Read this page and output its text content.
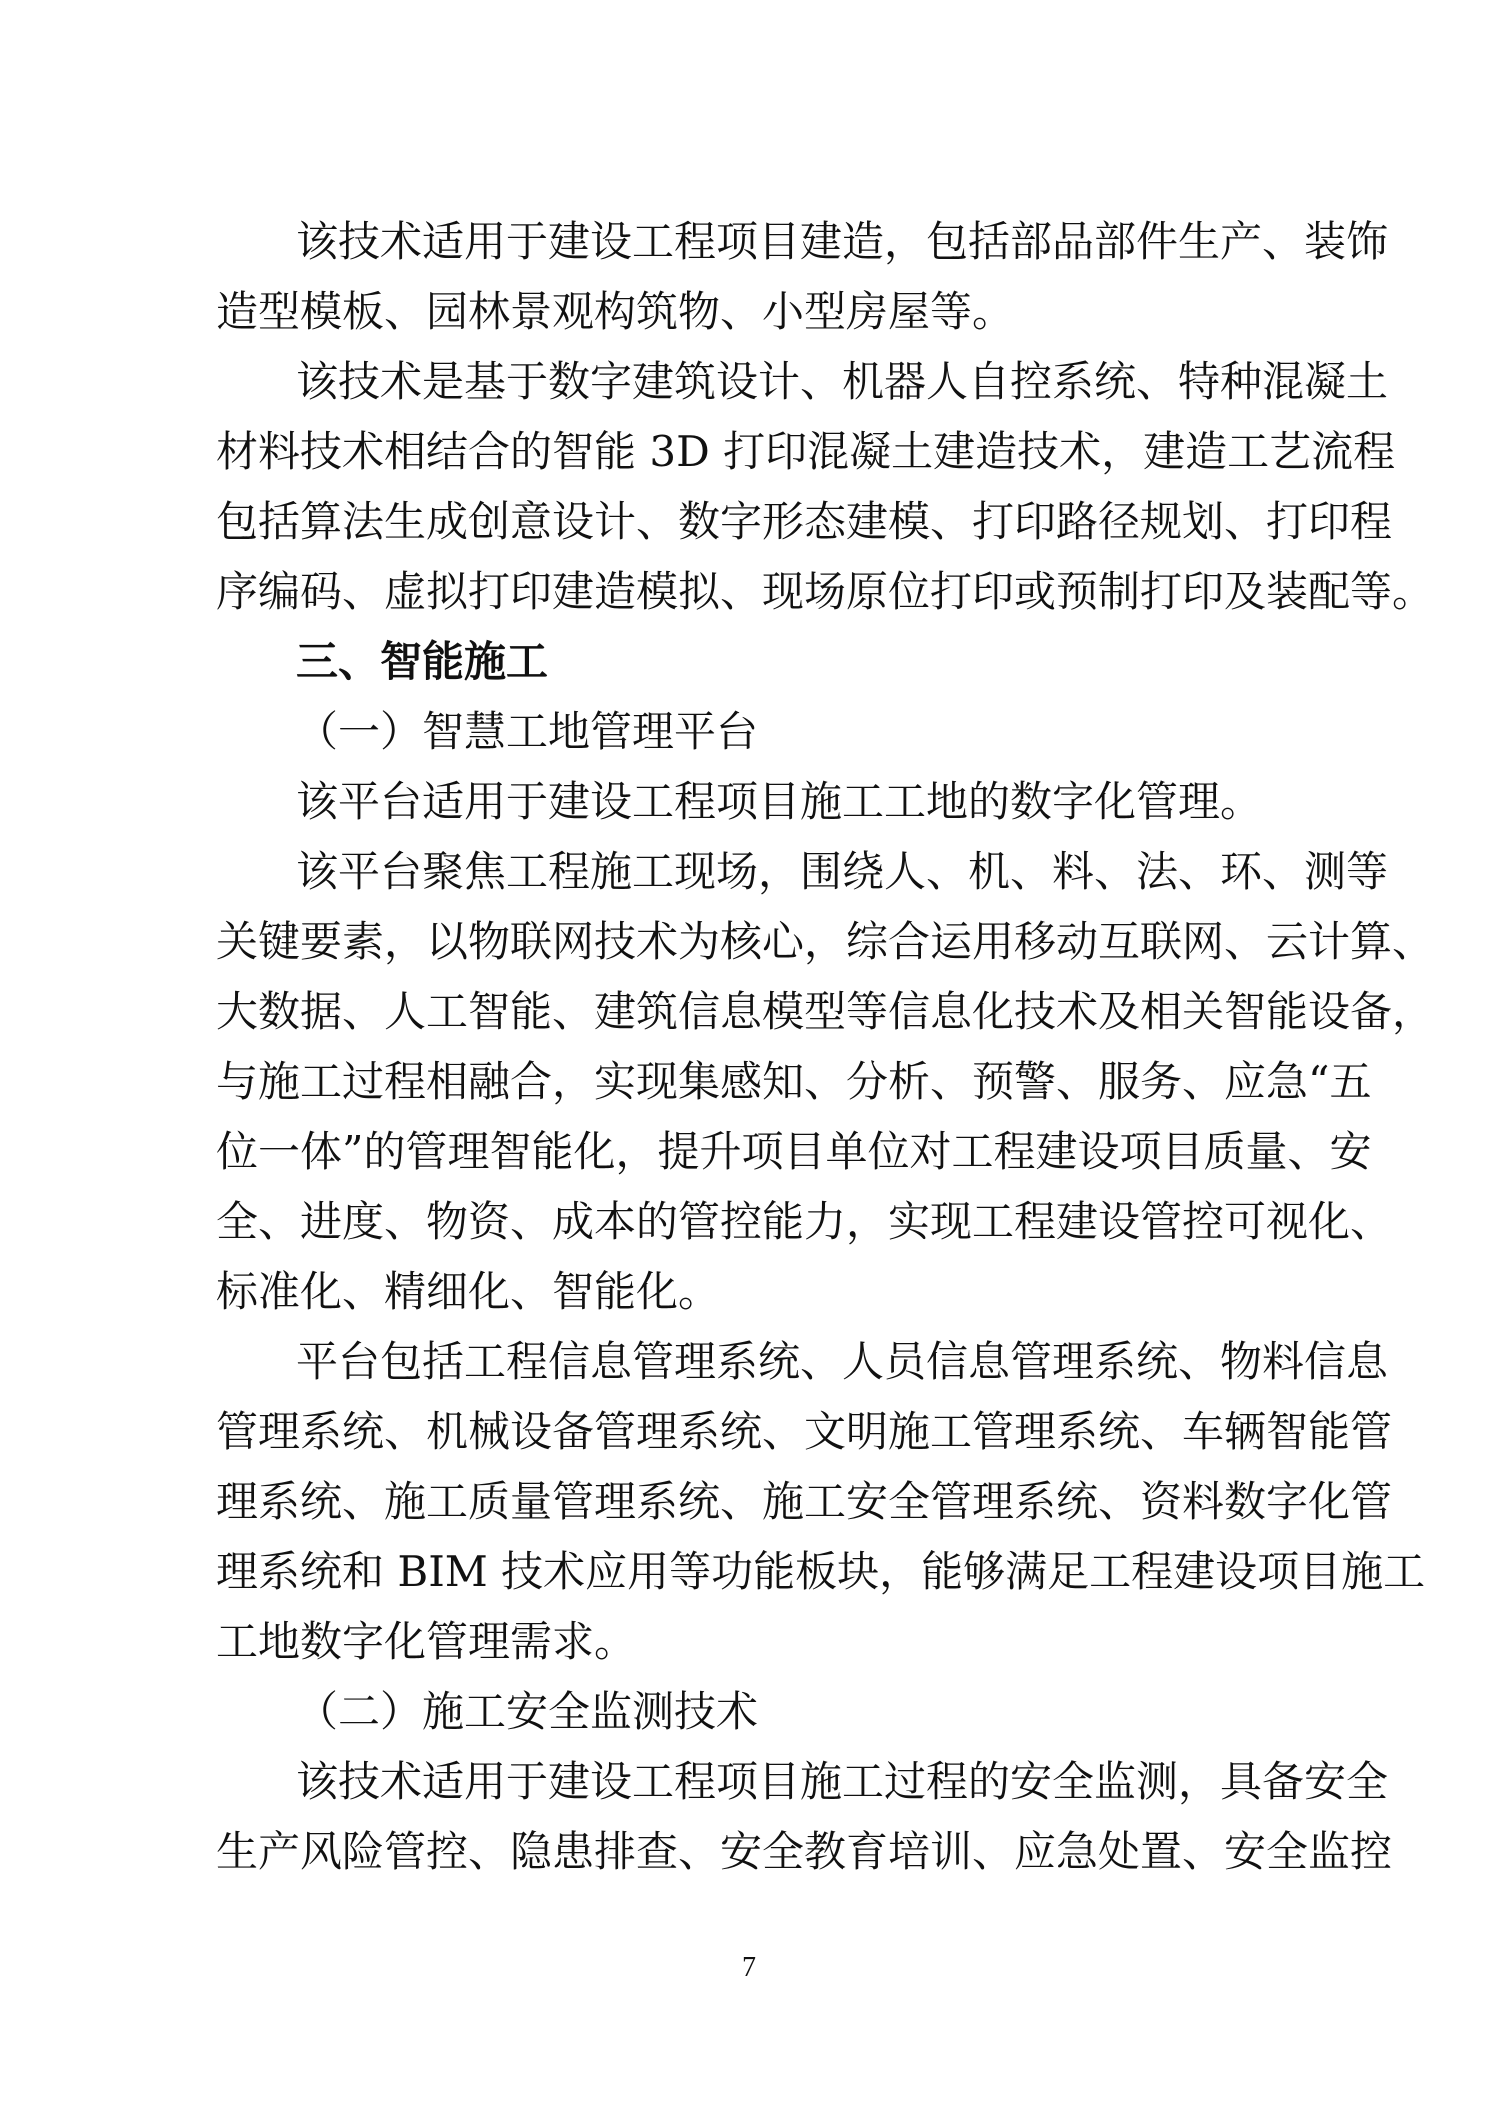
该技术适用于建设工程项目建造，包括部品部件生产、装饰
造型模板、园林景观构筑物、小型房屋等。
该技术是基于数字建筑设计、机器人自控系统、特种混凝土
材料技术相结合的智能 3D 打印混凝土建造技术，建造工艺流程
包括算法生成创意设计、数字形态建模、打印路径规划、打印程
序编码、虚拟打印建造模拟、现场原位打印或预制打印及装配等。
三、智能施工
（一）智慧工地管理平台
该平台适用于建设工程项目施工工地的数字化管理。
该平台聚焦工程施工现场，围绕人、机、料、法、环、测等
关键要素，以物联网技术为核心，综合运用移动互联网、云计算、
大数据、人工智能、建筑信息模型等信息化技术及相关智能设备，
与施工过程相融合，实现集感知、分析、预警、服务、应急“五
位一体”的管理智能化，提升项目单位对工程建设项目质量、安
全、进度、物资、成本的管控能力，实现工程建设管控可视化、
标准化、精细化、智能化。
平台包括工程信息管理系统、人员信息管理系统、物料信息
管理系统、机械设备管理系统、文明施工管理系统、车辆智能管
理系统、施工质量管理系统、施工安全管理系统、资料数字化管
理系统和 BIM 技术应用等功能板块，能够满足工程建设项目施工
工地数字化管理需求。
（二）施工安全监测技术
该技术适用于建设工程项目施工过程的安全监测，具备安全
生产风险管控、隐患排查、安全教育培训、应急处置、安全监控
7
